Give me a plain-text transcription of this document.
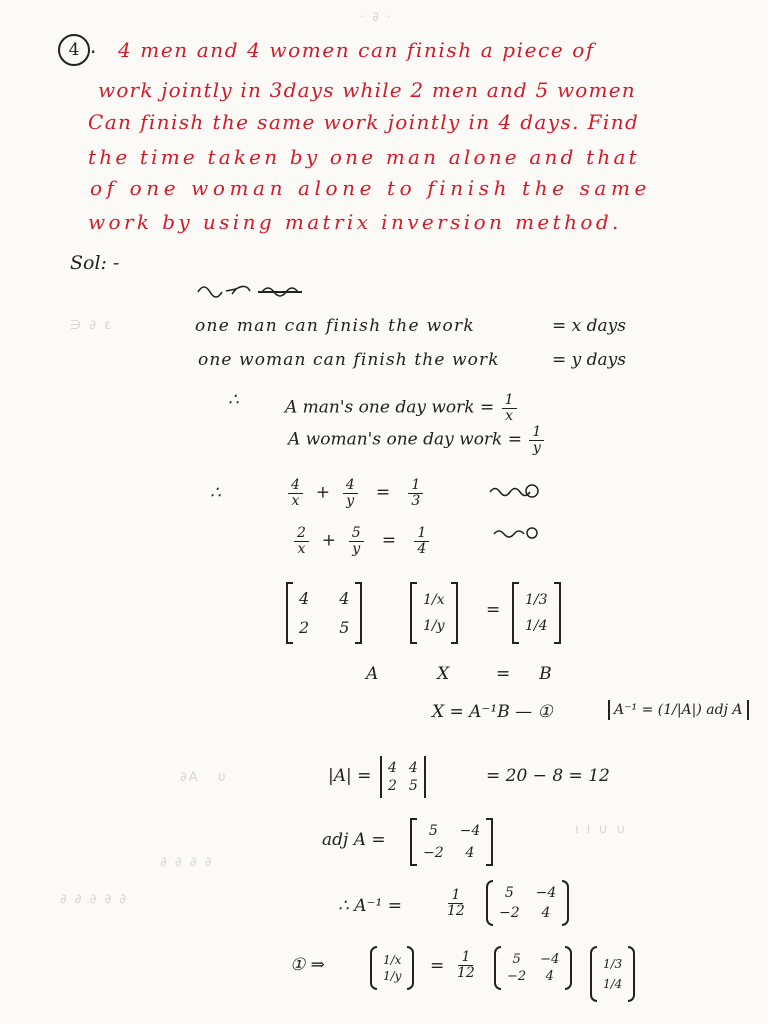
· ∂ ·
∋ ∂ ε
∂A   υ
∂ ∂ ∂ ∂
∂ ∂ ∂ ∂ ∂
ı ı ∪ ∪
4 . 4 men and 4 women can finish a piece of
work jointly in 3days while 2 men and 5 women
Can finish the same work jointly in 4 days. Find
the time taken by one man alone and that
of one woman alone to finish the same
work by using matrix inversion method.
Sol: -
one man can finish the work	= x days
one woman can finish the work	= y days
∴	A man's one day work = $\frac{1}{x}$
A woman's one day work = $\frac{1}{y}$
∴	$\frac{4}{x} + \frac{4}{y} = \frac{1}{3}$
$\frac{2}{x} + \frac{5}{y} = \frac{1}{4}$
4 4
2 5
1/x
1/y
= 1/3
1/4
A	X	= B
X = A⁻¹B — ①	A⁻¹ = (1/|A|) adj A
|A| = 4 4
2 5	= 20 − 8 = 12
adj A =	5	−4
−2	4
∴ A⁻¹ =	$\frac{1}{12}$	5	−4
−2	4
① ⇒	1/x
$1/y = \frac{1}{12}$	5	−4
−2	4
1/3
1/4
